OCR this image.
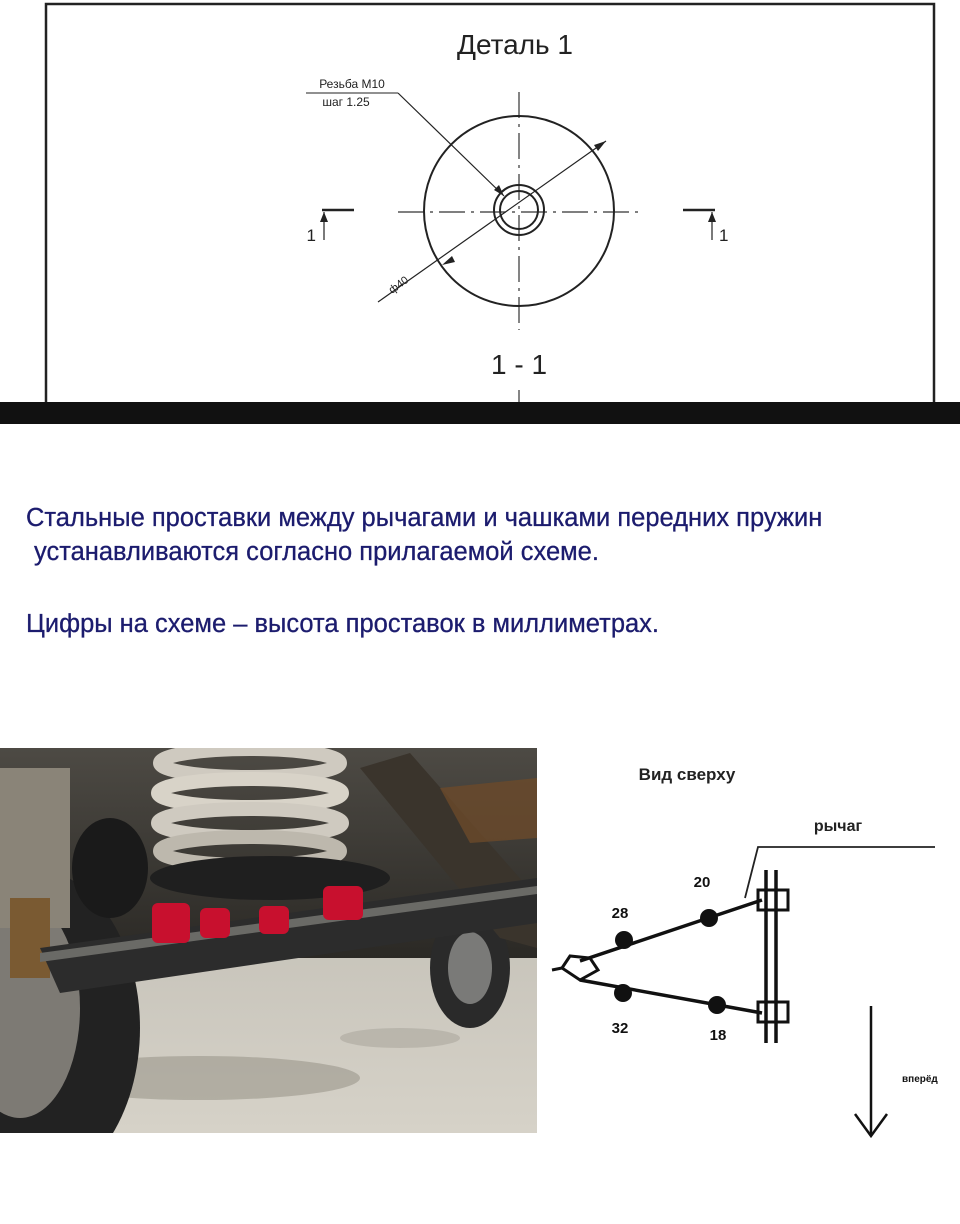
Деталь 1
Резьба М10
шаг 1.25
ф40
1	1
1 - 1
Стальные проставки между рычагами и чашками передних пружин
устанавливаются согласно прилагаемой схеме.
Цифры на схеме – высота проставок в миллиметрах.
Вид сверху
рычаг
28
20
32	18
вперёд
